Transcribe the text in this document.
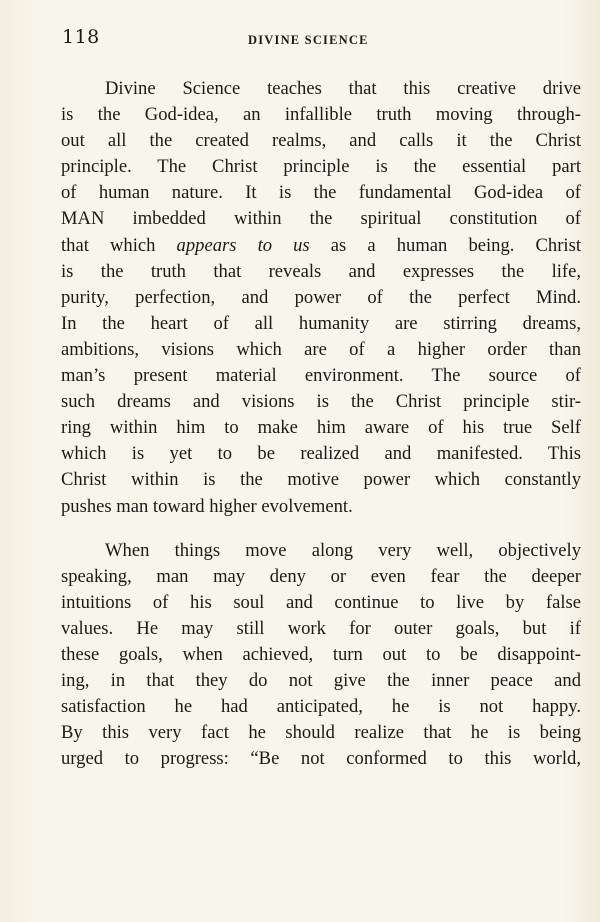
118	DIVINE SCIENCE
Divine Science teaches that this creative drive
is the God-idea, an infallible truth moving through-
out all the created realms, and calls it the Christ
principle. The Christ principle is the essential part
of human nature. It is the fundamental God-idea of
MAN imbedded within the spiritual constitution of
that which appears to us as a human being. Christ
is the truth that reveals and expresses the life,
purity, perfection, and power of the perfect Mind.
In the heart of all humanity are stirring dreams,
ambitions, visions which are of a higher order than
man’s present material environment. The source of
such dreams and visions is the Christ principle stir-
ring within him to make him aware of his true Self
which is yet to be realized and manifested. This
Christ within is the motive power which constantly
pushes man toward higher evolvement.
When things move along very well, objectively
speaking, man may deny or even fear the deeper
intuitions of his soul and continue to live by false
values. He may still work for outer goals, but if
these goals, when achieved, turn out to be disappoint-
ing, in that they do not give the inner peace and
satisfaction he had anticipated, he is not happy.
By this very fact he should realize that he is being
urged to progress: “Be not conformed to this world,
